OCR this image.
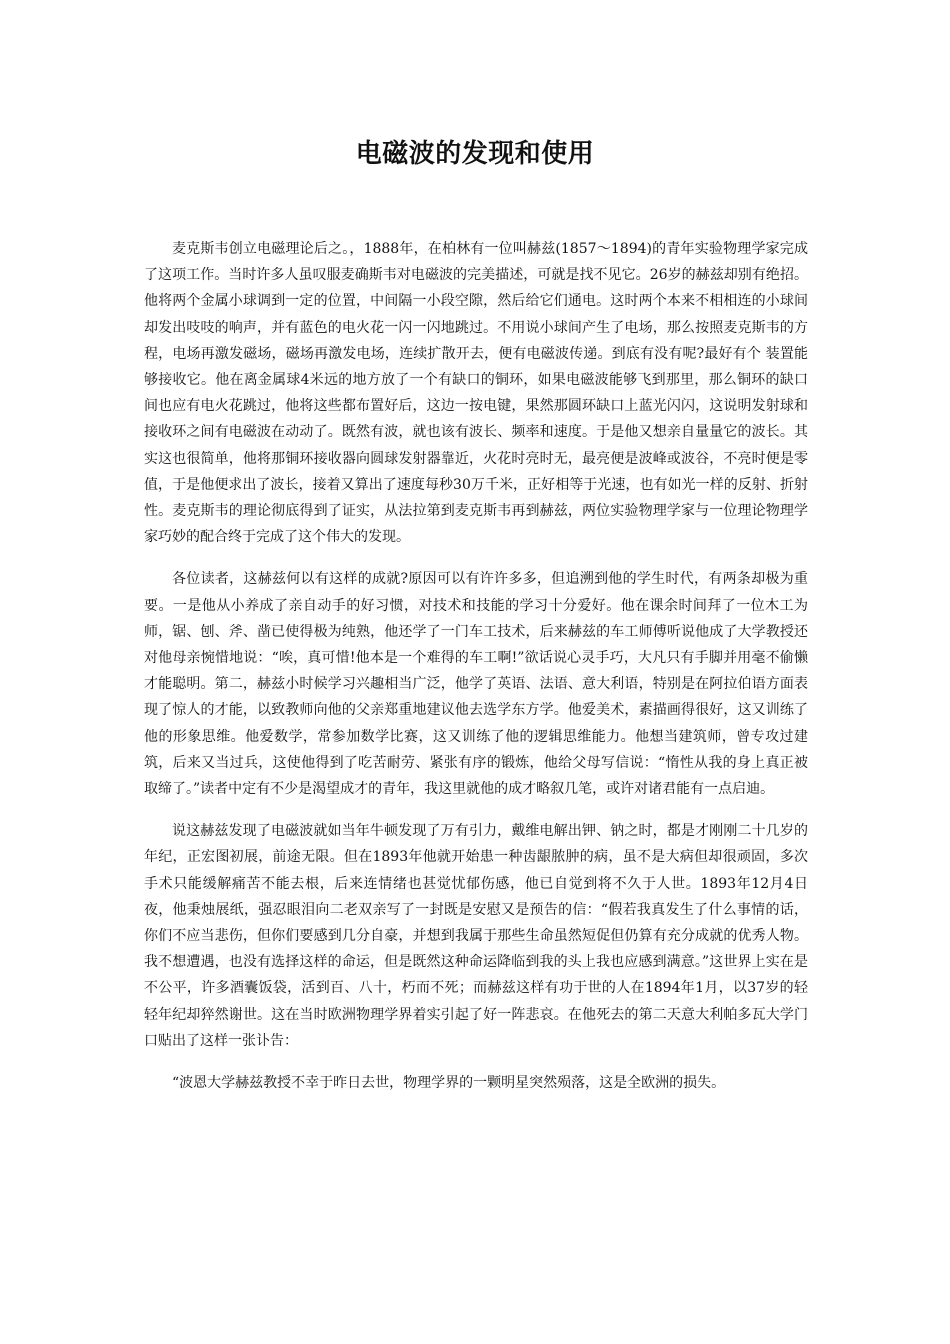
电磁波的发现和使用

麦克斯韦创立电磁理论后之。，1888年，在柏林有一位叫赫兹(1857～1894)的青年实验物理学家完成了这项工作。当时许多人虽叹服麦确斯韦对电磁波的完美描述，可就是找不见它。26岁的赫兹却别有绝招。他将两个金属小球调到一定的位置，中间隔一小段空隙，然后给它们通电。这时两个本来不相相连的小球间却发出吱吱的响声，并有蓝色的电火花一闪一闪地跳过。不用说小球间产生了电场，那么按照麦克斯韦的方程，电场再激发磁场，磁场再激发电场，连续扩散开去，便有电磁波传递。到底有没有呢?最好有个 装置能够接收它。他在离金属球4米远的地方放了一个有缺口的铜环，如果电磁波能够飞到那里，那么铜环的缺口间也应有电火花跳过，他将这些都布置好后，这边一按电键，果然那圆环缺口上蓝光闪闪，这说明发射球和接收环之间有电磁波在动动了。既然有波，就也该有波长、频率和速度。于是他又想亲自量量它的波长。其实这也很简单，他将那铜环接收器向圆球发射器靠近，火花时亮时无，最亮便是波峰或波谷，不亮时便是零值，于是他便求出了波长，接着又算出了速度每秒30万千米，正好相等于光速，也有如光一样的反射、折射性。麦克斯韦的理论彻底得到了证实，从法拉第到麦克斯韦再到赫兹，两位实验物理学家与一位理论物理学家巧妙的配合终于完成了这个伟大的发现。

各位读者，这赫兹何以有这样的成就?原因可以有许许多多，但追溯到他的学生时代，有两条却极为重要。一是他从小养成了亲自动手的好习惯，对技术和技能的学习十分爱好。他在课余时间拜了一位木工为师，锯、刨、斧、凿已使得极为纯熟，他还学了一门车工技术，后来赫兹的车工师傅听说他成了大学教授还对他母亲惋惜地说：“唉，真可惜!他本是一个难得的车工啊!”欲话说心灵手巧，大凡只有手脚并用毫不偷懒才能聪明。第二，赫兹小时候学习兴趣相当广泛，他学了英语、法语、意大利语，特别是在阿拉伯语方面表现了惊人的才能，以致教师向他的父亲郑重地建议他去选学东方学。他爱美术，素描画得很好，这又训练了他的形象思维。他爱数学，常参加数学比赛，这又训练了他的逻辑思维能力。他想当建筑师，曾专攻过建筑，后来又当过兵，这使他得到了吃苦耐劳、紧张有序的锻炼，他给父母写信说：“惰性从我的身上真正被取缔了。”读者中定有不少是渴望成才的青年，我这里就他的成才略叙几笔，或许对诸君能有一点启迪。

说这赫兹发现了电磁波就如当年牛顿发现了万有引力，戴维电解出钾、钠之时，都是才刚刚二十几岁的年纪，正宏图初展，前途无限。但在1893年他就开始患一种齿龈脓肿的病，虽不是大病但却很顽固，多次手术只能缓解痛苦不能去根，后来连情绪也甚觉忧郁伤感，他已自觉到将不久于人世。1893年12月4日夜，他秉烛展纸，强忍眼泪向二老双亲写了一封既是安慰又是预告的信：“假若我真发生了什么事情的话，你们不应当悲伤，但你们要感到几分自豪，并想到我属于那些生命虽然短促但仍算有充分成就的优秀人物。我不想遭遇，也没有选择这样的命运，但是既然这种命运降临到我的头上我也应感到满意。”这世界上实在是不公平，许多酒囊饭袋，活到百、八十，朽而不死；而赫兹这样有功于世的人在1894年1月，以37岁的轻轻年纪却猝然谢世。这在当时欧洲物理学界着实引起了好一阵悲哀。在他死去的第二天意大利帕多瓦大学门口贴出了这样一张讣告：

“波恩大学赫兹教授不幸于昨日去世，物理学界的一颗明星突然殒落，这是全欧洲的损失。
